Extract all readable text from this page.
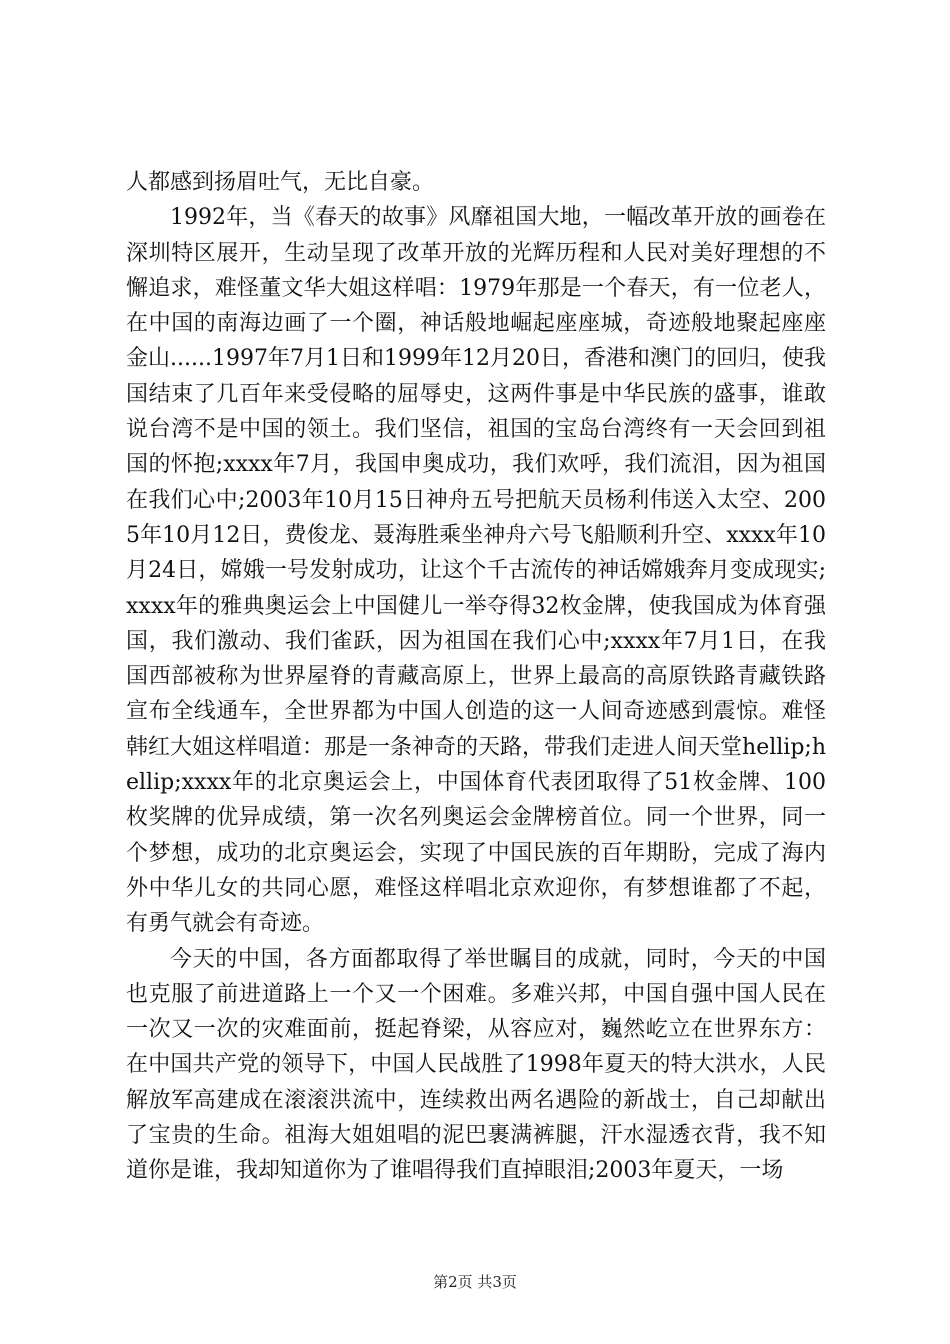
人都感到扬眉吐气，无比自豪。

1992年，当《春天的故事》风靡祖国大地，一幅改革开放的画卷在深圳特区展开，生动呈现了改革开放的光辉历程和人民对美好理想的不懈追求，难怪董文华大姐这样唱：1979年那是一个春天，有一位老人，在中国的南海边画了一个圈，神话般地崛起座座城，奇迹般地聚起座座金山......1997年7月1日和1999年12月20日，香港和澳门的回归，使我国结束了几百年来受侵略的屈辱史，这两件事是中华民族的盛事，谁敢说台湾不是中国的领土。我们坚信，祖国的宝岛台湾终有一天会回到祖国的怀抱;xxxx年7月，我国申奥成功，我们欢呼，我们流泪，因为祖国在我们心中;2003年10月15日神舟五号把航天员杨利伟送入太空、2005年10月12日，费俊龙、聂海胜乘坐神舟六号飞船顺利升空、xxxx年10月24日，嫦娥一号发射成功，让这个千古流传的神话嫦娥奔月变成现实;xxxx年的雅典奥运会上中国健儿一举夺得32枚金牌，使我国成为体育强国，我们激动、我们雀跃，因为祖国在我们心中;xxxx年7月1日，在我国西部被称为世界屋脊的青藏高原上，世界上最高的高原铁路青藏铁路宣布全线通车，全世界都为中国人创造的这一人间奇迹感到震惊。难怪韩红大姐这样唱道：那是一条神奇的天路，带我们走进人间天堂hellip;hellip;xxxx年的北京奥运会上，中国体育代表团取得了51枚金牌、100枚奖牌的优异成绩，第一次名列奥运会金牌榜首位。同一个世界，同一个梦想，成功的北京奥运会，实现了中国民族的百年期盼，完成了海内外中华儿女的共同心愿，难怪这样唱北京欢迎你，有梦想谁都了不起，有勇气就会有奇迹。

今天的中国，各方面都取得了举世瞩目的成就，同时，今天的中国也克服了前进道路上一个又一个困难。多难兴邦，中国自强中国人民在一次又一次的灾难面前，挺起脊梁，从容应对，巍然屹立在世界东方：在中国共产党的领导下，中国人民战胜了1998年夏天的特大洪水，人民解放军高建成在滚滚洪流中，连续救出两名遇险的新战士，自己却献出了宝贵的生命。祖海大姐姐唱的泥巴裹满裤腿，汗水湿透衣背，我不知道你是谁，我却知道你为了谁唱得我们直掉眼泪;2003年夏天，一场

第2页 共3页
